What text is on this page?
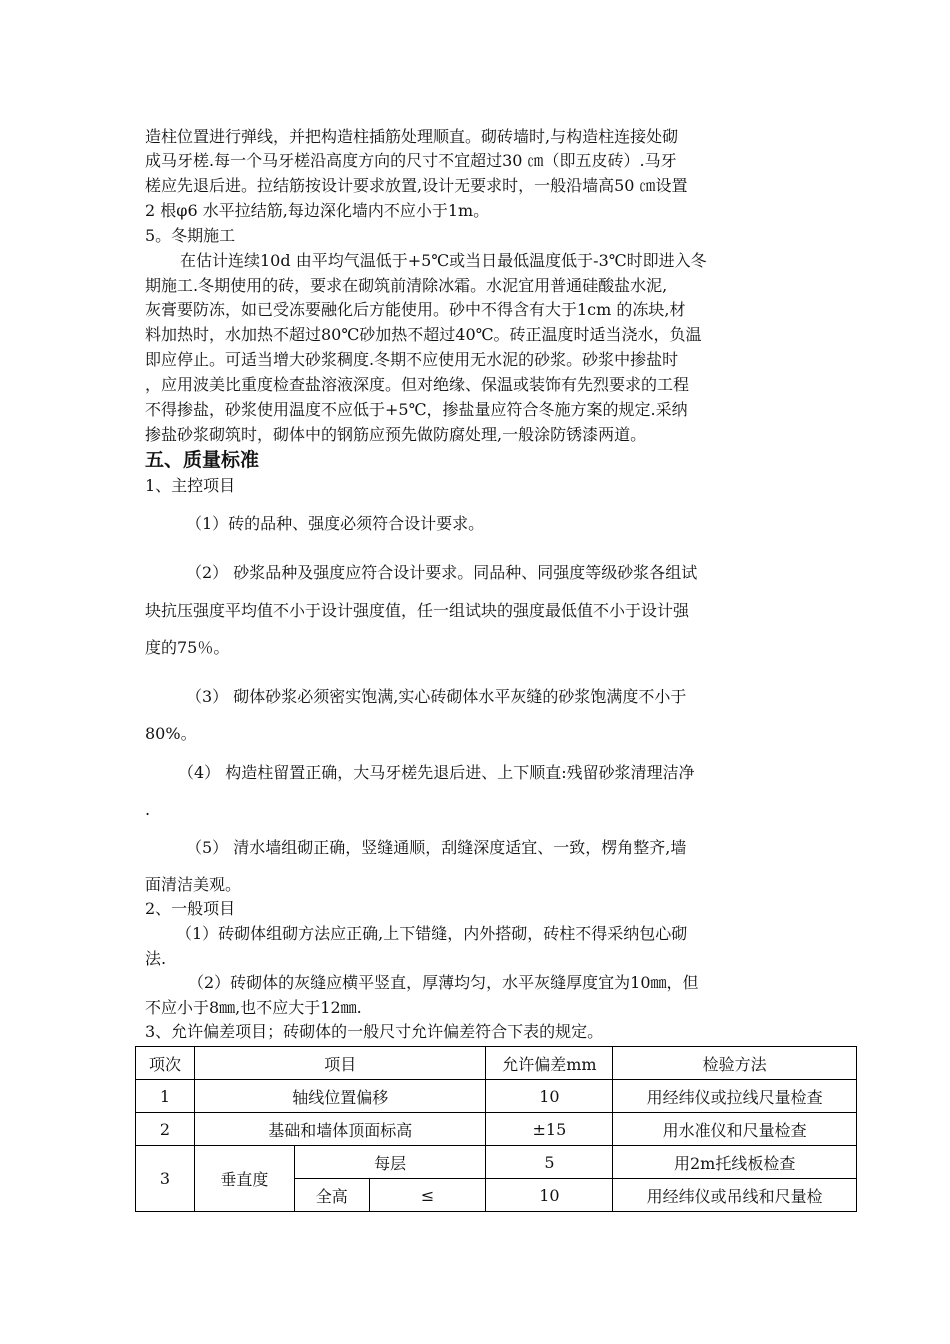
造柱位置进行弹线，并把构造柱插筋处理顺直。砌砖墙时,与构造柱连接处砌
成马牙槎.每一个马牙槎沿高度方向的尺寸不宜超过30 ㎝（即五皮砖）.马牙
槎应先退后进。拉结筋按设计要求放置,设计无要求时，一般沿墙高50 ㎝设置
2 根φ6 水平拉结筋,每边深化墙内不应小于1m。
5。冬期施工
在估计连续10d 由平均气温低于+5℃或当日最低温度低于-3℃时即进入冬
期施工.冬期使用的砖，要求在砌筑前清除冰霜。水泥宜用普通硅酸盐水泥,
灰膏要防冻，如已受冻要融化后方能使用。砂中不得含有大于1cm 的冻块,材
料加热时，水加热不超过80℃砂加热不超过40℃。砖正温度时适当浇水，负温
即应停止。可适当增大砂浆稠度.冬期不应使用无水泥的砂浆。砂浆中掺盐时
，应用波美比重度检查盐溶液深度。但对绝缘、保温或装饰有先烈要求的工程
不得掺盐，砂浆使用温度不应低于+5℃，掺盐量应符合冬施方案的规定.采纳
掺盐砂浆砌筑时，砌体中的钢筋应预先做防腐处理,一般涂防锈漆两道。
五、质量标准
1、主控项目
（1）砖的品种、强度必须符合设计要求。
（2） 砂浆品种及强度应符合设计要求。同品种、同强度等级砂浆各组试
块抗压强度平均值不小于设计强度值，任一组试块的强度最低值不小于设计强
度的75％。
（3） 砌体砂浆必须密实饱满,实心砖砌体水平灰缝的砂浆饱满度不小于
80%。
（4） 构造柱留置正确，大马牙槎先退后进、上下顺直:残留砂浆清理洁净
.
（5） 清水墙组砌正确，竖缝通顺，刮缝深度适宜、一致，楞角整齐,墙
面清洁美观。
2、一般项目
（1）砖砌体组砌方法应正确,上下错缝，内外搭砌，砖柱不得采纳包心砌
法.
（2）砖砌体的灰缝应横平竖直，厚薄均匀，水平灰缝厚度宜为10㎜，但
不应小于8㎜,也不应大于12㎜.
3、允许偏差项目；砖砌体的一般尺寸允许偏差符合下表的规定。
项次	项目			允许偏差mm	检验方法
1	轴线位置偏移			10	用经纬仪或拉线尺量检查
2	基础和墙体顶面标高			±15	用水准仪和尺量检查
3	垂直度	每层		5	用2m托线板检查
		全高	≤	10	用经纬仪或吊线和尺量检
